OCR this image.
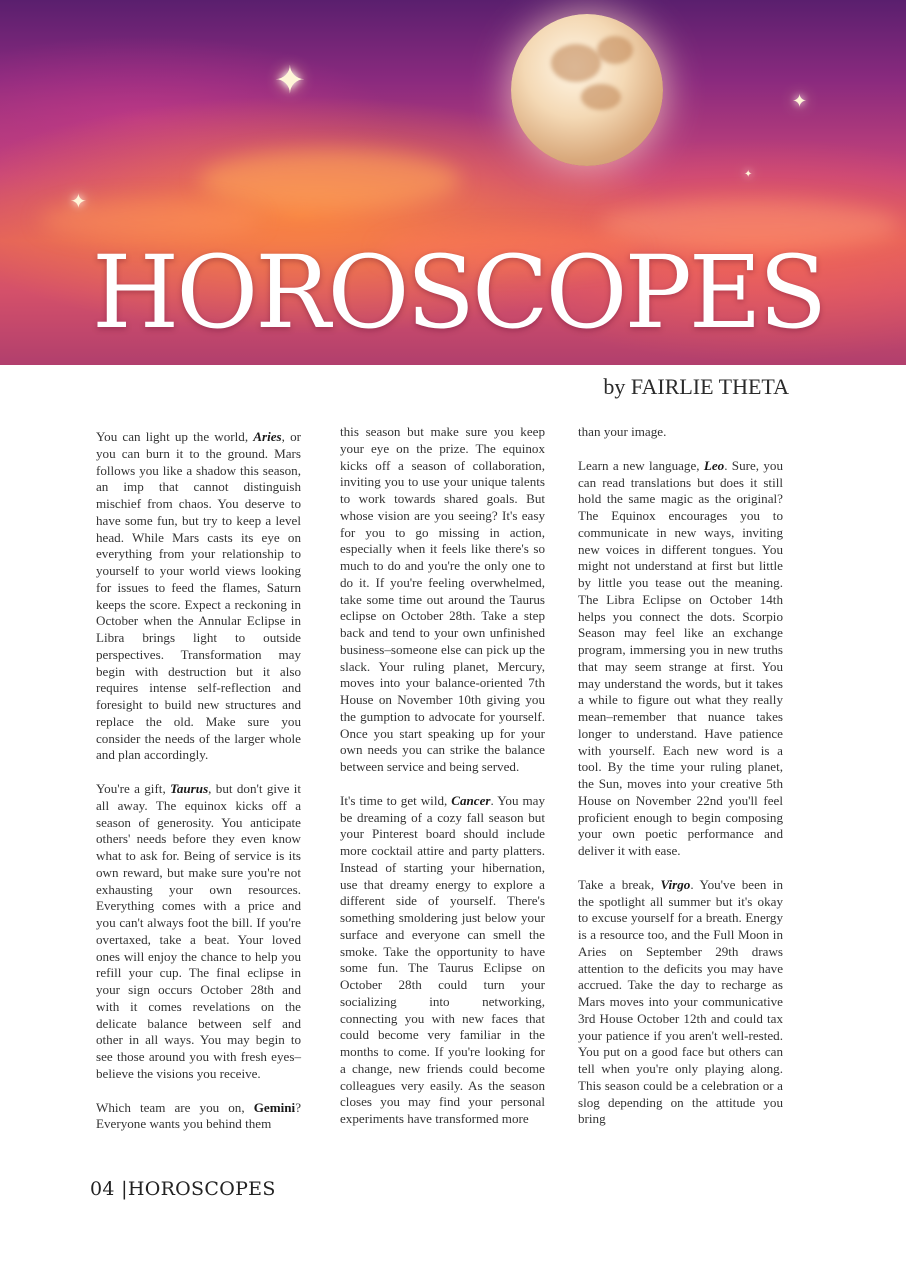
✦	✦
✦
✦
HOROSCOPES
by FAIRLIE THETA

You can light up the world, Aries, or you can burn it to the ground. Mars follows you like a shadow this season, an imp that cannot distinguish mischief from chaos. You deserve to have some fun, but try to keep a level head. While Mars casts its eye on everything from your relationship to yourself to your world views looking for issues to feed the flames, Saturn keeps the score. Expect a reckoning in October when the Annular Eclipse in Libra brings light to outside perspectives. Transformation may begin with destruction but it also requires intense self-reflection and foresight to build new structures and replace the old. Make sure you consider the needs of the larger whole and plan accordingly.

You're a gift, Taurus, but don't give it all away. The equinox kicks off a season of generosity. You anticipate others' needs before they even know what to ask for. Being of service is its own reward, but make sure you're not exhausting your own resources. Everything comes with a price and you can't always foot the bill. If you're overtaxed, take a beat. Your loved ones will enjoy the chance to help you refill your cup. The final eclipse in your sign occurs October 28th and with it comes revelations on the delicate balance between self and other in all ways. You may begin to see those around you with fresh eyes–believe the visions you receive.

Which team are you on, Gemini? Everyone wants you behind them

this season but make sure you keep your eye on the prize. The equinox kicks off a season of collaboration, inviting you to use your unique talents to work towards shared goals. But whose vision are you seeing? It's easy for you to go missing in action, especially when it feels like there's so much to do and you're the only one to do it. If you're feeling overwhelmed, take some time out around the Taurus eclipse on October 28th. Take a step back and tend to your own unfinished business–someone else can pick up the slack. Your ruling planet, Mercury, moves into your balance-oriented 7th House on November 10th giving you the gumption to advocate for yourself. Once you start speaking up for your own needs you can strike the balance between service and being served.

It's time to get wild, Cancer. You may be dreaming of a cozy fall season but your Pinterest board should include more cocktail attire and party platters. Instead of starting your hibernation, use that dreamy energy to explore a different side of yourself. There's something smoldering just below your surface and everyone can smell the smoke. Take the opportunity to have some fun. The Taurus Eclipse on October 28th could turn your socializing into networking, connecting you with new faces that could become very familiar in the months to come. If you're looking for a change, new friends could become colleagues very easily. As the season closes you may find your personal experiments have transformed more

than your image.

Learn a new language, Leo. Sure, you can read translations but does it still hold the same magic as the original? The Equinox encourages you to communicate in new ways, inviting new voices in different tongues. You might not understand at first but little by little you tease out the meaning. The Libra Eclipse on October 14th helps you connect the dots. Scorpio Season may feel like an exchange program, immersing you in new truths that may seem strange at first. You may understand the words, but it takes a while to figure out what they really mean–remember that nuance takes longer to understand. Have patience with yourself. Each new word is a tool. By the time your ruling planet, the Sun, moves into your creative 5th House on November 22nd you'll feel proficient enough to begin composing your own poetic performance and deliver it with ease.

Take a break, Virgo. You've been in the spotlight all summer but it's okay to excuse yourself for a breath. Energy is a resource too, and the Full Moon in Aries on September 29th draws attention to the deficits you may have accrued. Take the day to recharge as Mars moves into your communicative 3rd House October 12th and could tax your patience if you aren't well-rested. You put on a good face but others can tell when you're only playing along. This season could be a celebration or a slog depending on the attitude you bring

04 |HOROSCOPES
